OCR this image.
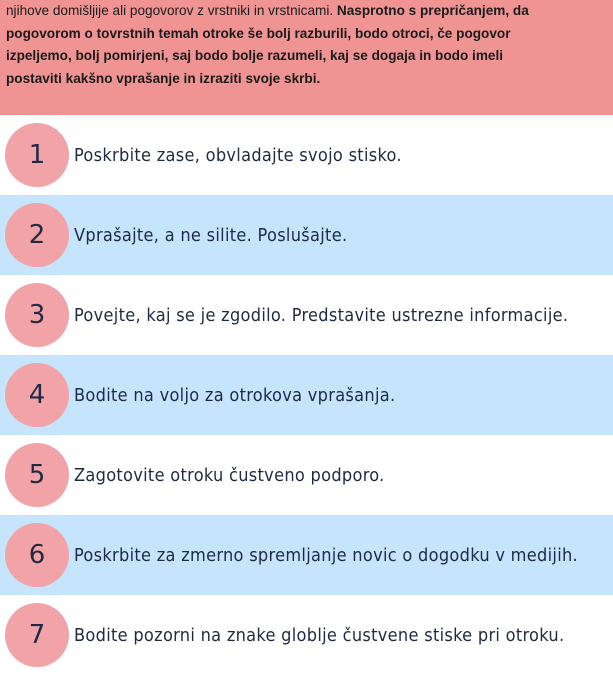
njihove domišljije ali pogovorov z vrstniki in vrstnicami. Nasprotno s prepričanjem, da
pogovorom o tovrstnih temah otroke še bolj razburili, bodo otroci, če pogovor
izpeljemo, bolj pomirjeni, saj bodo bolje razumeli, kaj se dogaja in bodo imeli
postaviti kakšno vprašanje in izraziti svoje skrbi.

1	Poskrbite zase, obvladajte svojo stisko.
2	Vprašajte, a ne silite. Poslušajte.
3	Povejte, kaj se je zgodilo. Predstavite ustrezne informacije.
4	Bodite na voljo za otrokova vprašanja.
5	Zagotovite otroku čustveno podporo.
6	Poskrbite za zmerno spremljanje novic o dogodku v medijih.
7	Bodite pozorni na znake globlje čustvene stiske pri otroku.
